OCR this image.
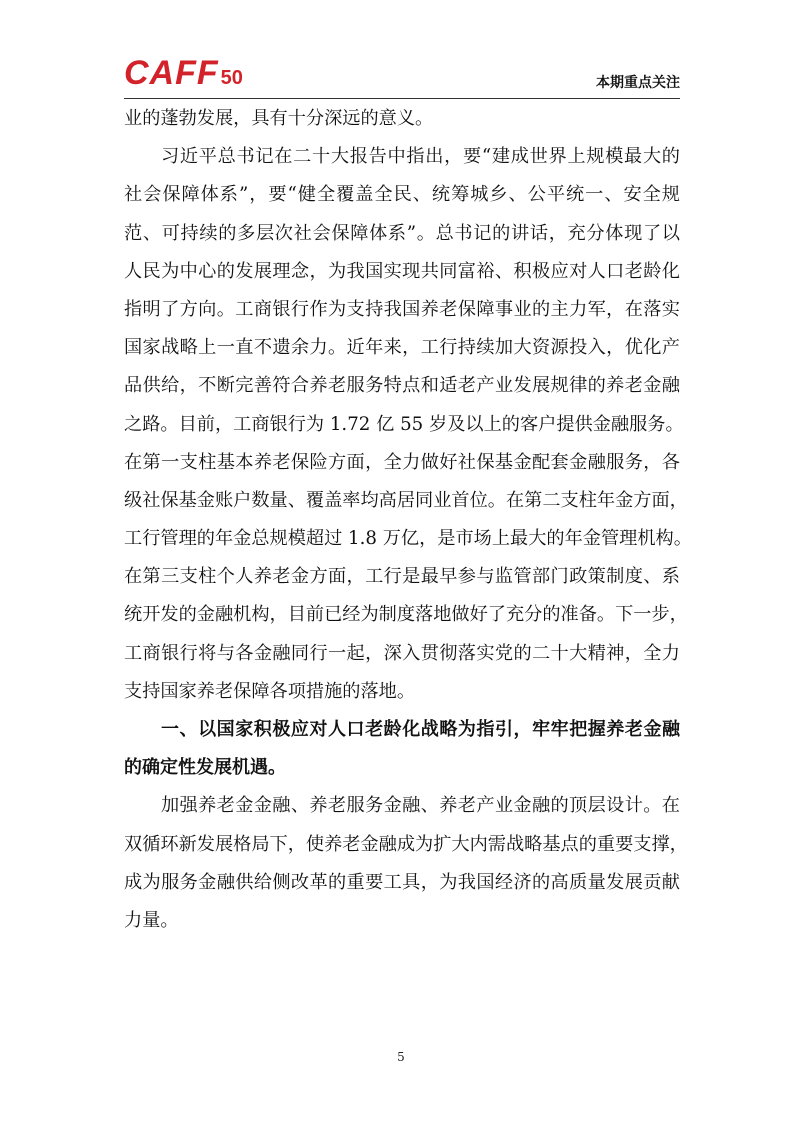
CAFF 50	本期重点关注
业的蓬勃发展，具有十分深远的意义。
习近平总书记在二十大报告中指出，要“建成世界上规模最大的
社会保障体系”，要“健全覆盖全民、统筹城乡、公平统一、安全规
范、可持续的多层次社会保障体系”。总书记的讲话，充分体现了以
人民为中心的发展理念，为我国实现共同富裕、积极应对人口老龄化
指明了方向。工商银行作为支持我国养老保障事业的主力军，在落实
国家战略上一直不遗余力。近年来，工行持续加大资源投入，优化产
品供给，不断完善符合养老服务特点和适老产业发展规律的养老金融
之路。目前，工商银行为 1.72 亿 55 岁及以上的客户提供金融服务。
在第一支柱基本养老保险方面，全力做好社保基金配套金融服务，各
级社保基金账户数量、覆盖率均高居同业首位。在第二支柱年金方面，
工行管理的年金总规模超过 1.8 万亿，是市场上最大的年金管理机构。
在第三支柱个人养老金方面，工行是最早参与监管部门政策制度、系
统开发的金融机构，目前已经为制度落地做好了充分的准备。下一步，
工商银行将与各金融同行一起，深入贯彻落实党的二十大精神，全力
支持国家养老保障各项措施的落地。
一、以国家积极应对人口老龄化战略为指引，牢牢把握养老金融
的确定性发展机遇。
加强养老金金融、养老服务金融、养老产业金融的顶层设计。在
双循环新发展格局下，使养老金融成为扩大内需战略基点的重要支撑，
成为服务金融供给侧改革的重要工具，为我国经济的高质量发展贡献
力量。
5
